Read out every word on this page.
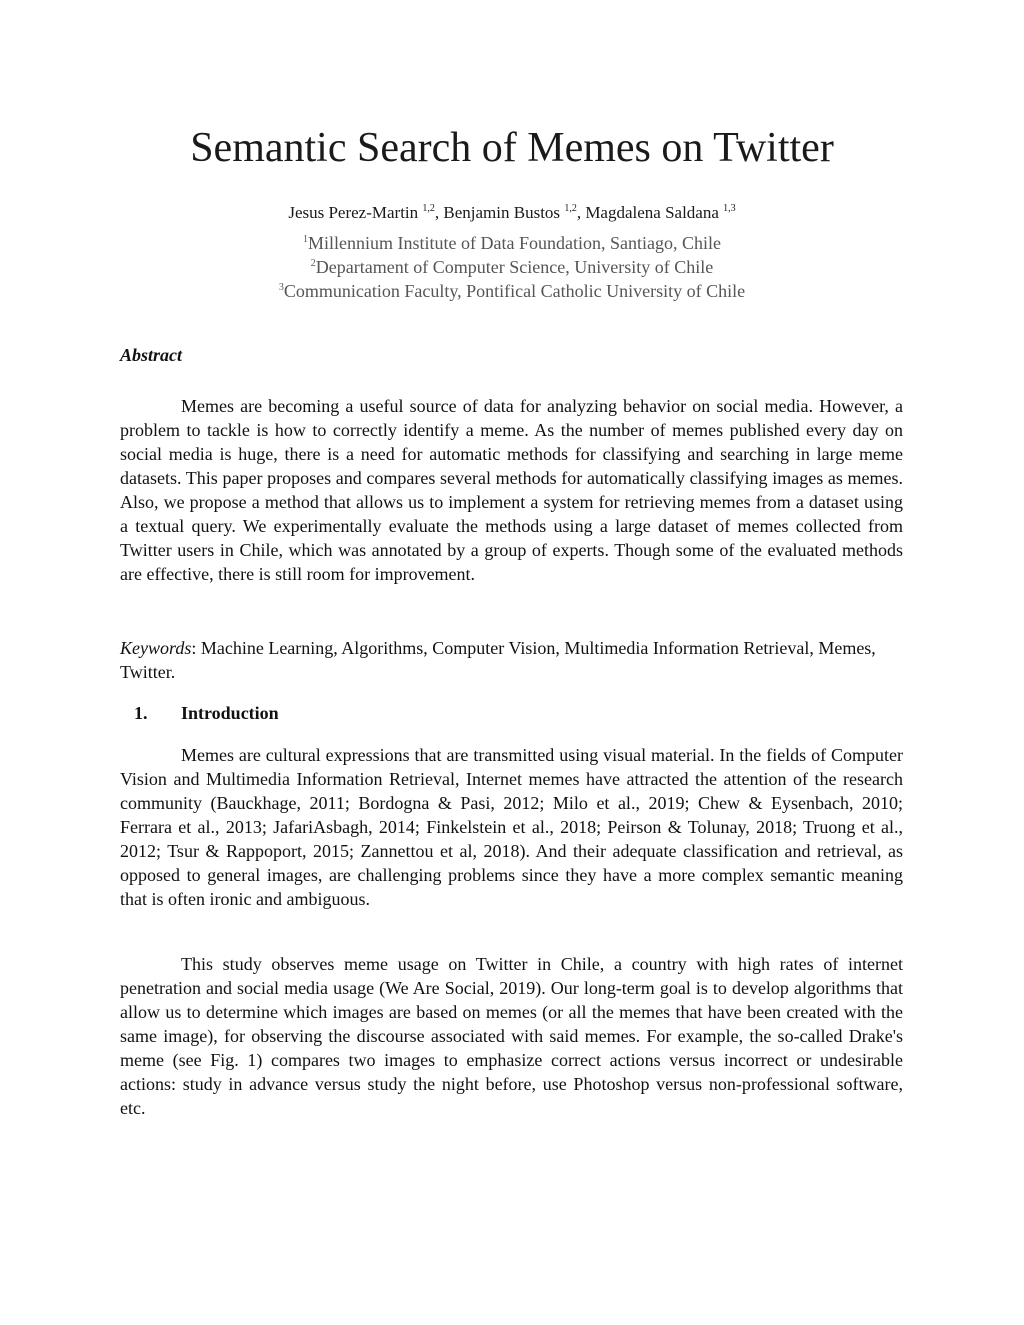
Semantic Search of Memes on Twitter
Jesus Perez-Martin $^{1,2}$, Benjamin Bustos $^{1,2}$, Magdalena Saldana $^{1,3}$
$^1$Millennium Institute of Data Foundation, Santiago, Chile
$^2$Departament of Computer Science, University of Chile
$^3$Communication Faculty, Pontifical Catholic University of Chile
Abstract

Memes are becoming a useful source of data for analyzing behavior on social media. However, a problem to tackle is how to correctly identify a meme. As the number of memes published every day on social media is huge, there is a need for automatic methods for classifying and searching in large meme datasets. This paper proposes and compares several methods for automatically classifying images as memes. Also, we propose a method that allows us to implement a system for retrieving memes from a dataset using a textual query. We experimentally evaluate the methods using a large dataset of memes collected from Twitter users in Chile, which was annotated by a group of experts. Though some of the evaluated methods are effective, there is still room for improvement.

Keywords: Machine Learning, Algorithms, Computer Vision, Multimedia Information Retrieval, Memes, Twitter.

1. Introduction

Memes are cultural expressions that are transmitted using visual material. In the fields of Computer Vision and Multimedia Information Retrieval, Internet memes have attracted the attention of the research community (Bauckhage, 2011; Bordogna & Pasi, 2012; Milo et al., 2019; Chew & Eysenbach, 2010; Ferrara et al., 2013; JafariAsbagh, 2014; Finkelstein et al., 2018; Peirson & Tolunay, 2018; Truong et al., 2012; Tsur & Rappoport, 2015; Zannettou et al, 2018). And their adequate classification and retrieval, as opposed to general images, are challenging problems since they have a more complex semantic meaning that is often ironic and ambiguous.

This study observes meme usage on Twitter in Chile, a country with high rates of internet penetration and social media usage (We Are Social, 2019). Our long-term goal is to develop algorithms that allow us to determine which images are based on memes (or all the memes that have been created with the same image), for observing the discourse associated with said memes. For example, the so-called Drake's meme (see Fig. 1) compares two images to emphasize correct actions versus incorrect or undesirable actions: study in advance versus study the night before, use Photoshop versus non-professional software, etc.
